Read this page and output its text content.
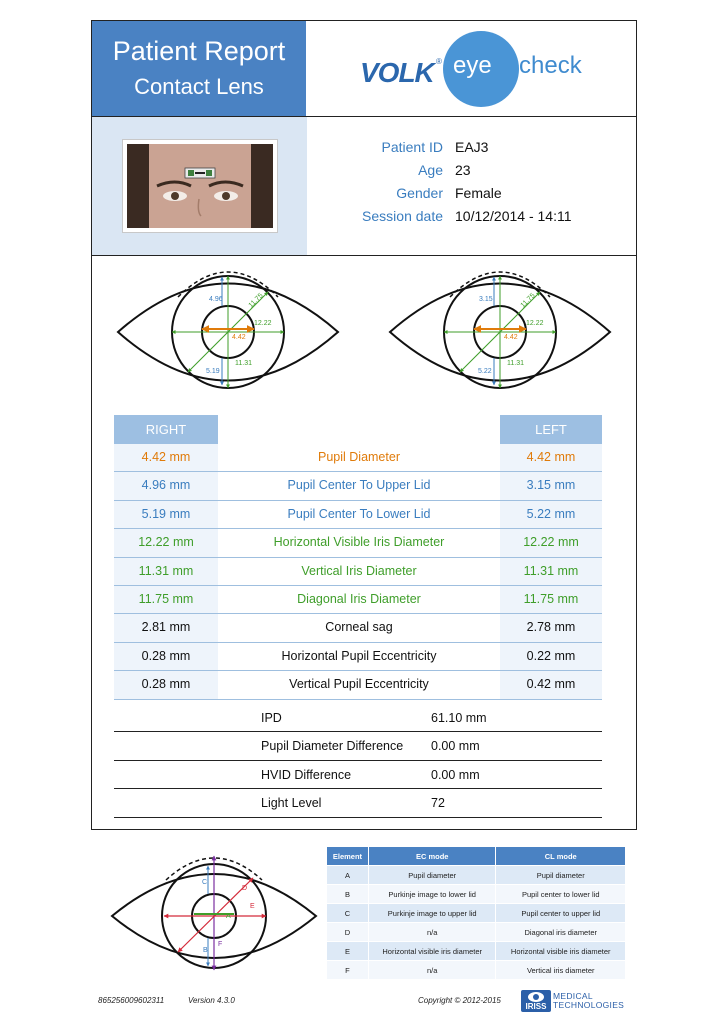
Patient Report
Contact Lens	VOLK ® eye check
Patient ID EAJ3
Age 23
Gender Female
Session date 10/12/2014 - 14:11
4.96	11.75
12.22
4.42
11.31
5.19
3.15	11.75
12.22
4.42
11.31
5.22
RIGHT	LEFT
4.42 mm	Pupil Diameter	4.42 mm
4.96 mm	Pupil Center To Upper Lid	3.15 mm
5.19 mm	Pupil Center To Lower Lid	5.22 mm
12.22 mm	Horizontal Visible Iris Diameter	12.22 mm
11.31 mm	Vertical Iris Diameter	11.31 mm
11.75 mm	Diagonal Iris Diameter	11.75 mm
2.81 mm	Corneal sag	2.78 mm
0.28 mm	Horizontal Pupil Eccentricity	0.22 mm
0.28 mm	Vertical Pupil Eccentricity	0.42 mm
IPD	61.10 mm
Pupil Diameter Difference 0.00 mm
HVID Difference	0.00 mm
Light Level	72
A
B
C
D
E
F
Element	EC mode	CL mode
A	Pupil diameter	Pupil diameter
B	Purkinje image to lower lid	Pupil center to lower lid
C	Purkinje image to upper lid	Pupil center to upper lid
D	n/a	Diagonal iris diameter
E	Horizontal visible iris diameter	Horizontal visible iris diameter
F	n/a	Vertical iris diameter
865256009602311	Version 4.3.0	Copyright © 2012-2015
IRISS
MEDICAL
TECHNOLOGIES
